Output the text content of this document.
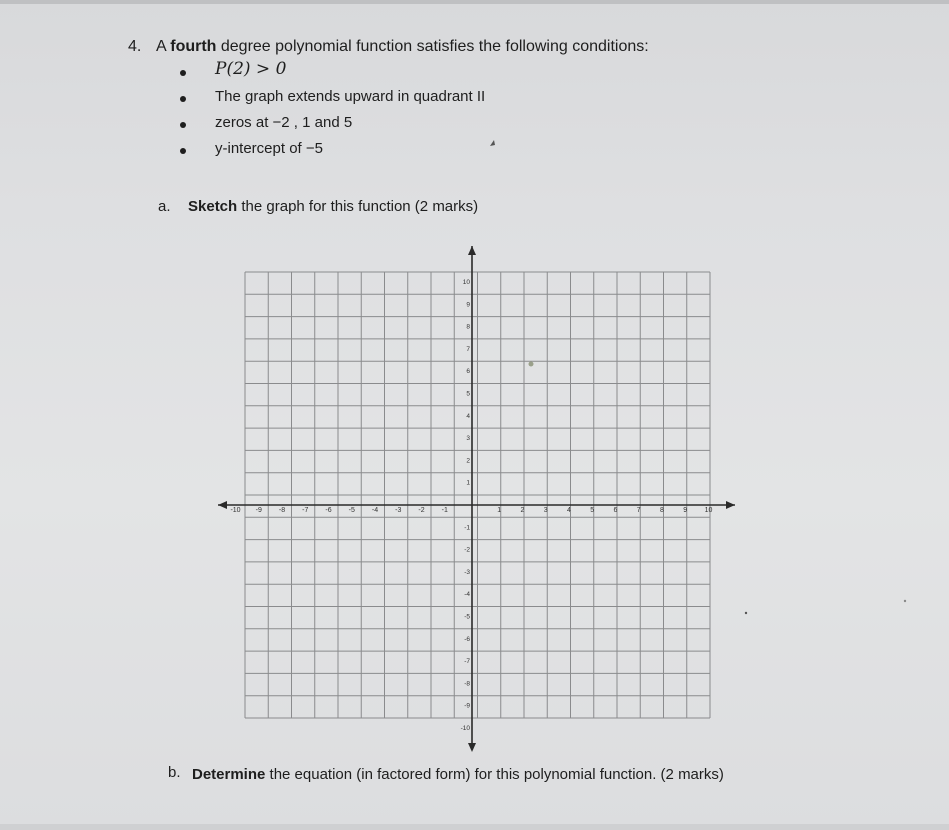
4. A fourth degree polynomial function satisfies the following conditions:
P(2) > 0
The graph extends upward in quadrant II
zeros at −2 , 1 and 5
y-intercept of −5
a. Sketch the graph for this function (2 marks)
-10 -9 -8 -7 -6 -5 -4 -3 -2 -1	1	2	3	4	5	6	7	8	9 10
10
9
8
7
6
5
4
3
2
1
-1
-2
-3
-4
-5
-6
-7
-8
-9
-10
b. Determine the equation (in factored form) for this polynomial function. (2 marks)
